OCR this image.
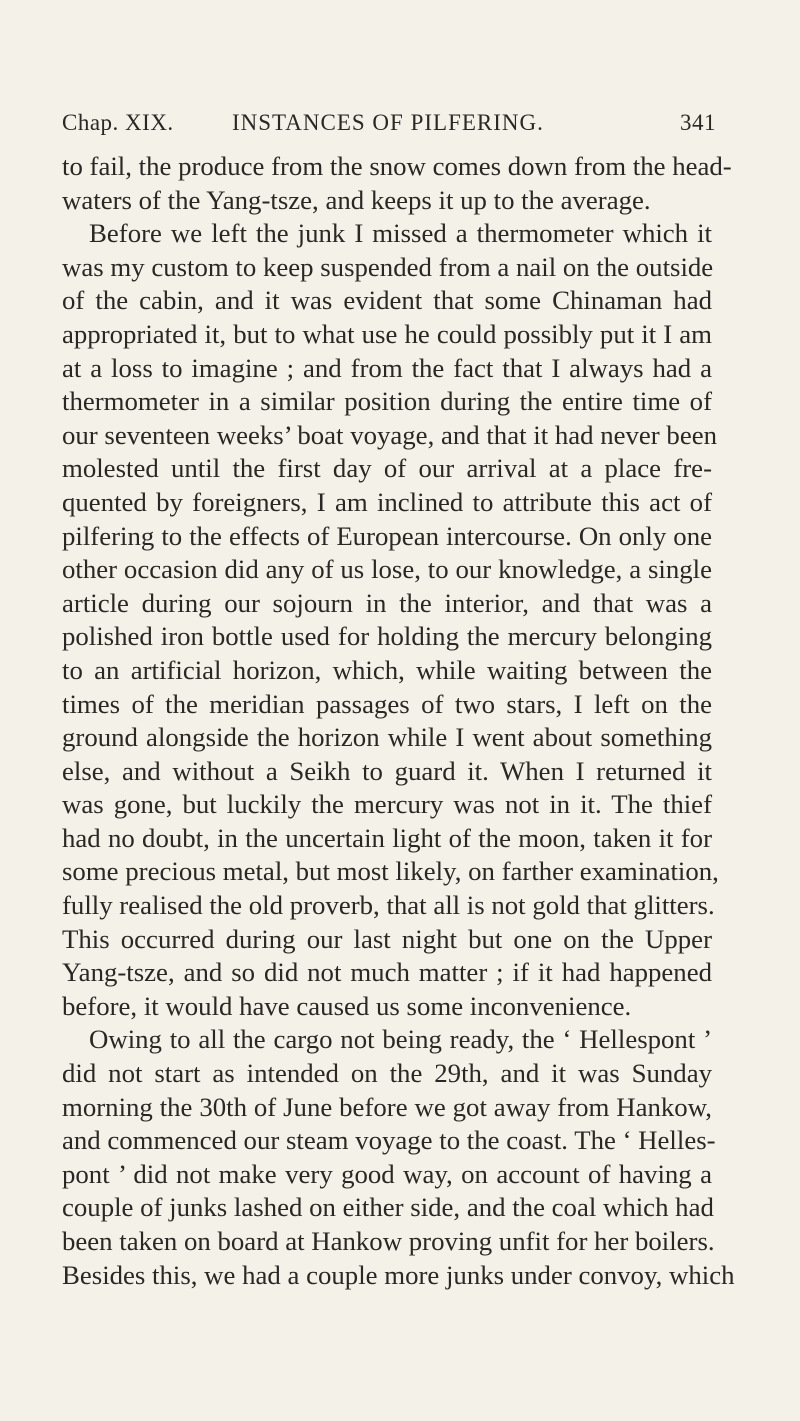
Chap. XIX.	INSTANCES OF PILFERING.	341
to fail, the produce from the snow comes down from the head-
waters of the Yang-tsze, and keeps it up to the average.
Before we left the junk I missed a thermometer which it
was my custom to keep suspended from a nail on the outside
of the cabin, and it was evident that some Chinaman had
appropriated it, but to what use he could possibly put it I am
at a loss to imagine ; and from the fact that I always had a
thermometer in a similar position during the entire time of
our seventeen weeks’ boat voyage, and that it had never been
molested until the first day of our arrival at a place fre-
quented by foreigners, I am inclined to attribute this act of
pilfering to the effects of European intercourse. On only one
other occasion did any of us lose, to our knowledge, a single
article during our sojourn in the interior, and that was a
polished iron bottle used for holding the mercury belonging
to an artificial horizon, which, while waiting between the
times of the meridian passages of two stars, I left on the
ground alongside the horizon while I went about something
else, and without a Seikh to guard it. When I returned it
was gone, but luckily the mercury was not in it. The thief
had no doubt, in the uncertain light of the moon, taken it for
some precious metal, but most likely, on farther examination,
fully realised the old proverb, that all is not gold that glitters.
This occurred during our last night but one on the Upper
Yang-tsze, and so did not much matter ; if it had happened
before, it would have caused us some inconvenience.
Owing to all the cargo not being ready, the ‘ Hellespont ’
did not start as intended on the 29th, and it was Sunday
morning the 30th of June before we got away from Hankow,
and commenced our steam voyage to the coast. The ‘ Helles-
pont ’ did not make very good way, on account of having a
couple of junks lashed on either side, and the coal which had
been taken on board at Hankow proving unfit for her boilers.
Besides this, we had a couple more junks under convoy, which
